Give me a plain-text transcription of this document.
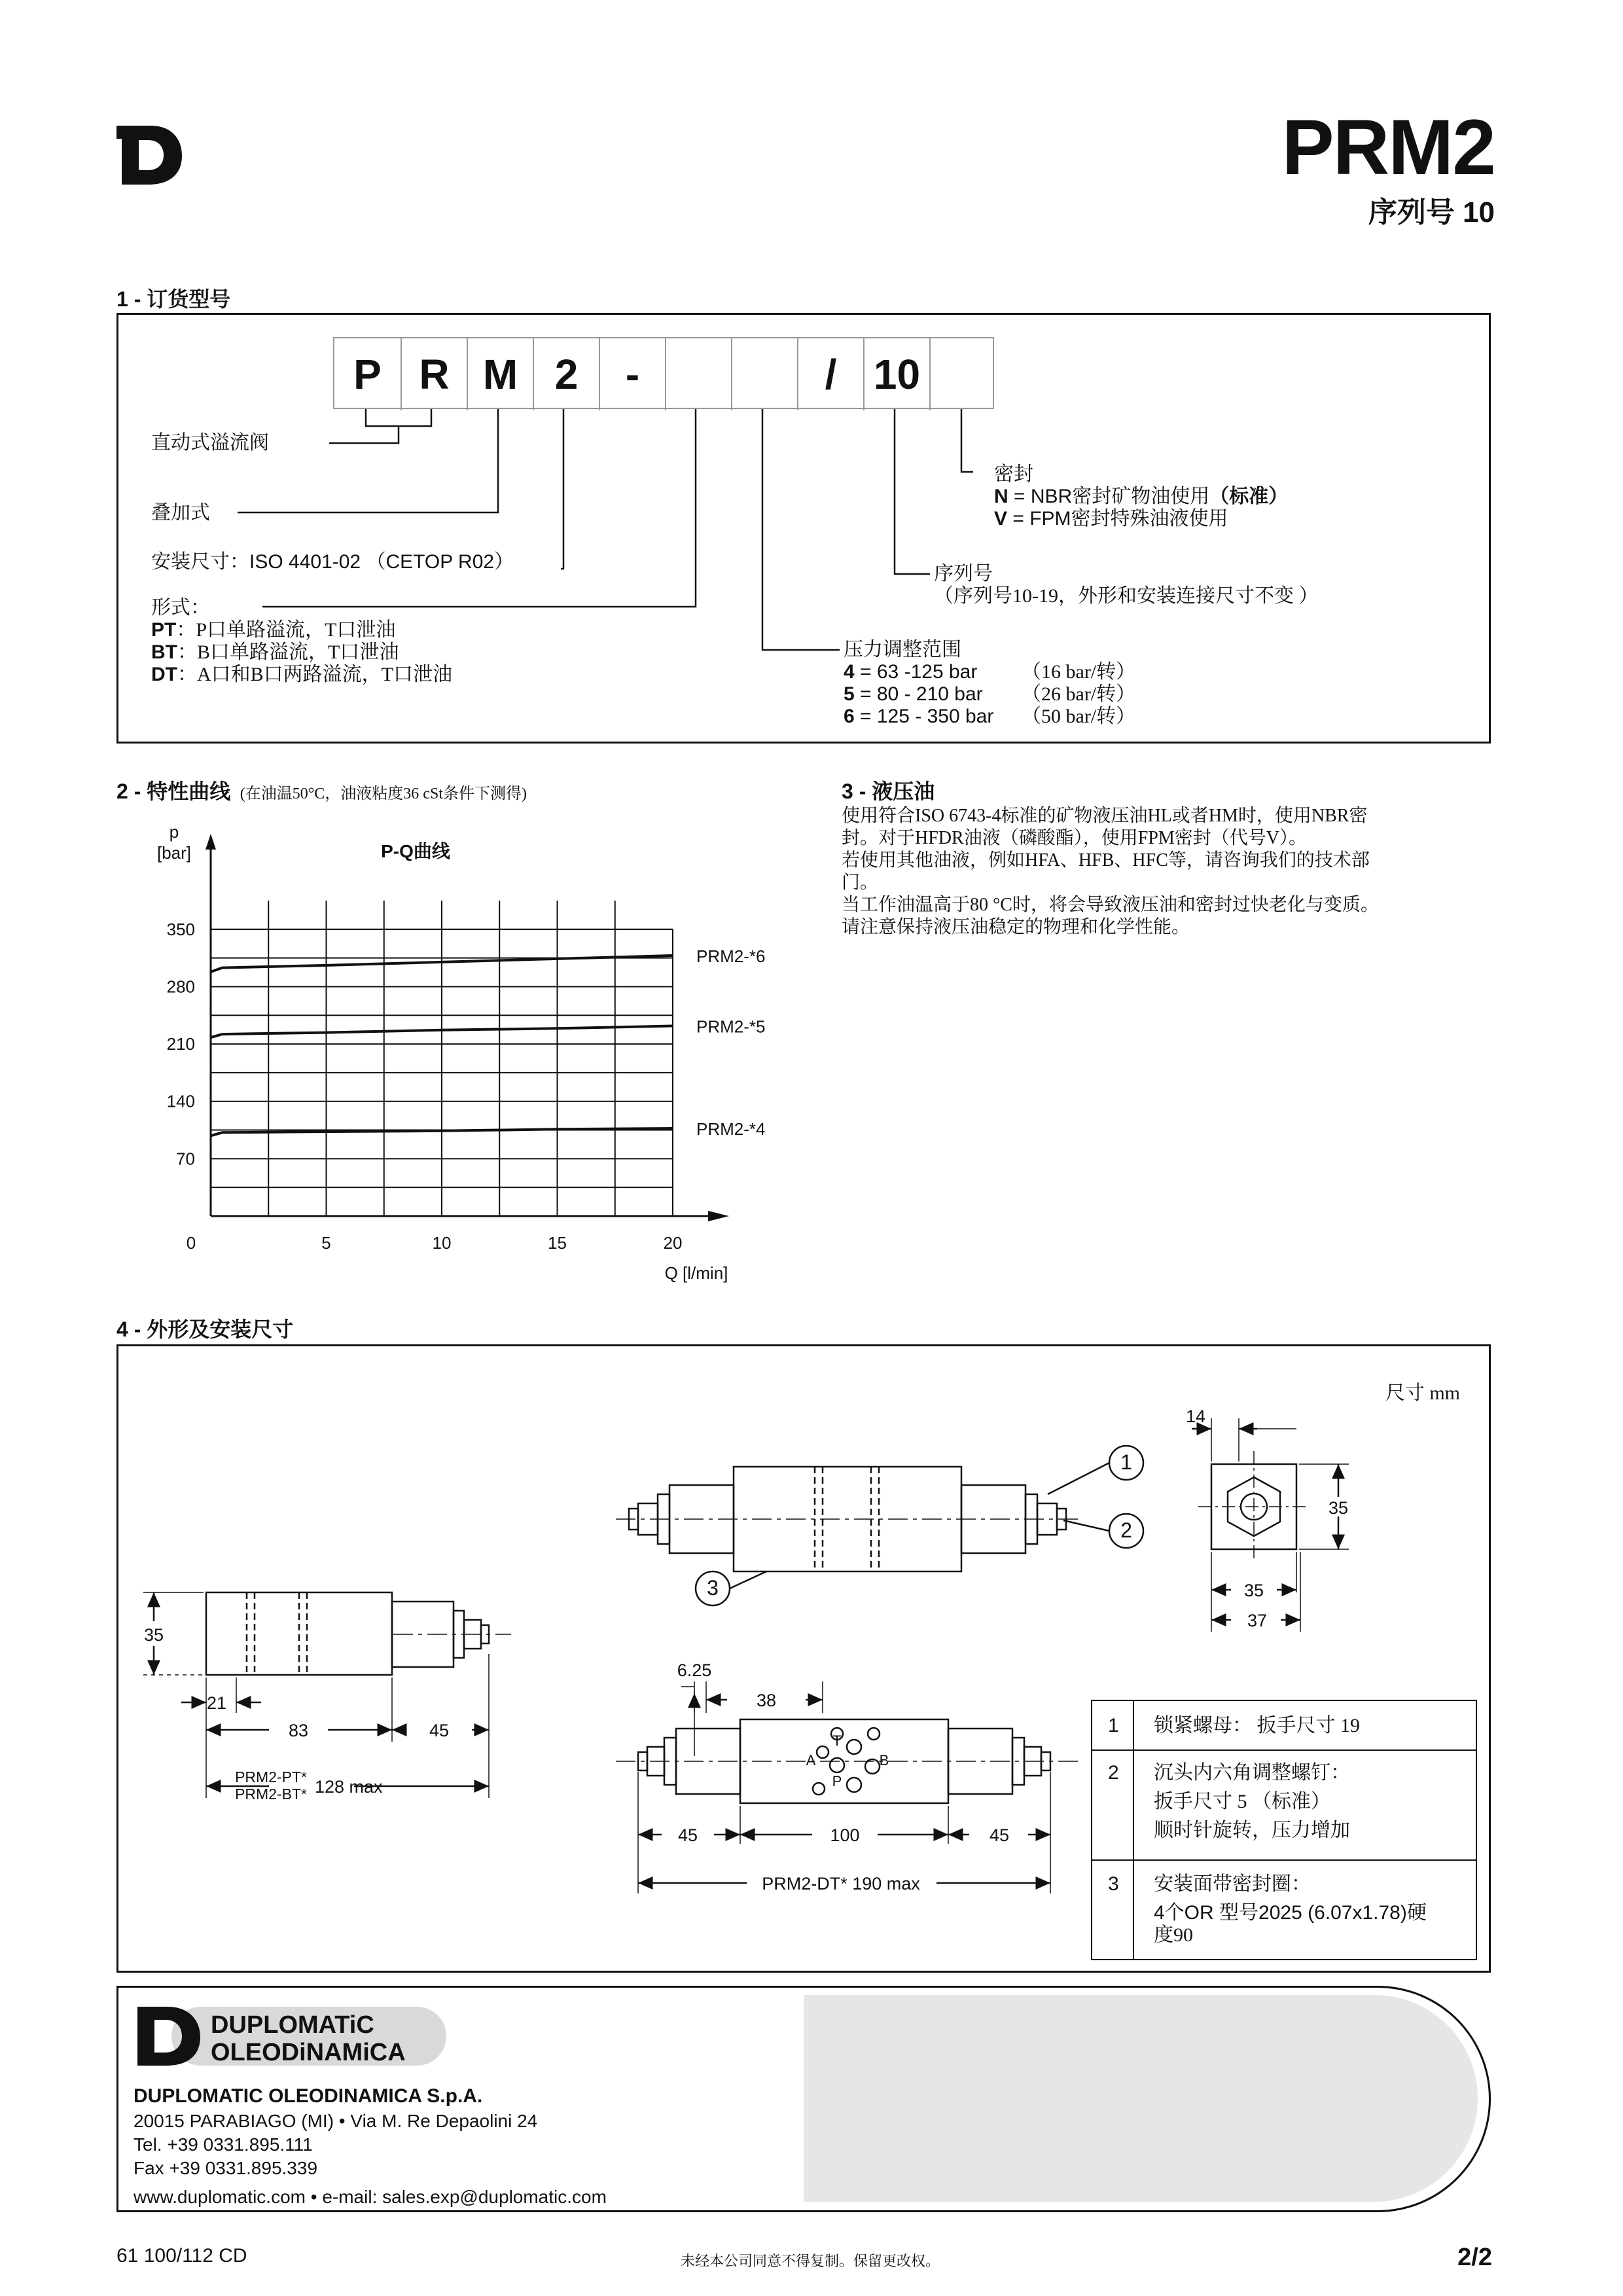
PRM2
序列号 10
1 - 订货型号
P R M 2	-	/ 10
直动式溢流阀
叠加式
安装尺寸：ISO 4401-02 （CETOP R02）
形式：
PT：P口单路溢流，T口泄油
BT：B口单路溢流，T口泄油
DT：A口和B口两路溢流，T口泄油
密封
N = NBR密封矿物油使用（标准）
V = FPM密封特殊油液使用
序列号
（序列号10-19，外形和安装连接尺寸不变 ）
压力调整范围
4 = 63 -125 bar （16 bar/转）
5 = 80 - 210 bar （26 bar/转）
6 = 125 - 350 bar （50 bar/转）
2 - 特性曲线 (在油温50°C，油液粘度36 cSt条件下测得)
350
280
210
140
70
0	5	10	15	20
p
[bar]
Q [l/min]
P-Q曲线
PRM2-*6
PRM2-*5
PRM2-*4
3 - 液压油
使用符合ISO 6743-4标准的矿物液压油HL或者HM时，使用NBR密
封。对于HFDR油液（磷酸酯），使用FPM密封（代号V）。
若使用其他油液，例如HFA、HFB、HFC等，请咨询我们的技术部
门。
当工作油温高于80 °C时，将会导致液压油和密封过快老化与变质。
请注意保持液压油稳定的物理和化学性能。
4 - 外形及安装尺寸
尺寸 mm
14
35
35
37
35
21
83	45
PRM2-PT*
PRM2-BT* 128 max
6.25
38
45	100	45
PRM2-DT* 190 max
1
2
3
T
A	B
P
1 锁紧螺母： 扳手尺寸 19
2 沉头内六角调整螺钉：
扳手尺寸 5 （标准）
顺时针旋转，压力增加
3 安装面带密封圈：
4个OR 型号2025 (6.07x1.78)硬
度90
DUPLOMATiC
OLEODiNAMiCA
DUPLOMATIC OLEODINAMICA S.p.A.
20015 PARABIAGO (MI) • Via M. Re Depaolini 24
Tel. +39 0331.895.111
Fax +39 0331.895.339
www.duplomatic.com • e-mail: sales.exp@duplomatic.com
61 100/112 CD	未经本公司同意不得复制。保留更改权。	2/2
